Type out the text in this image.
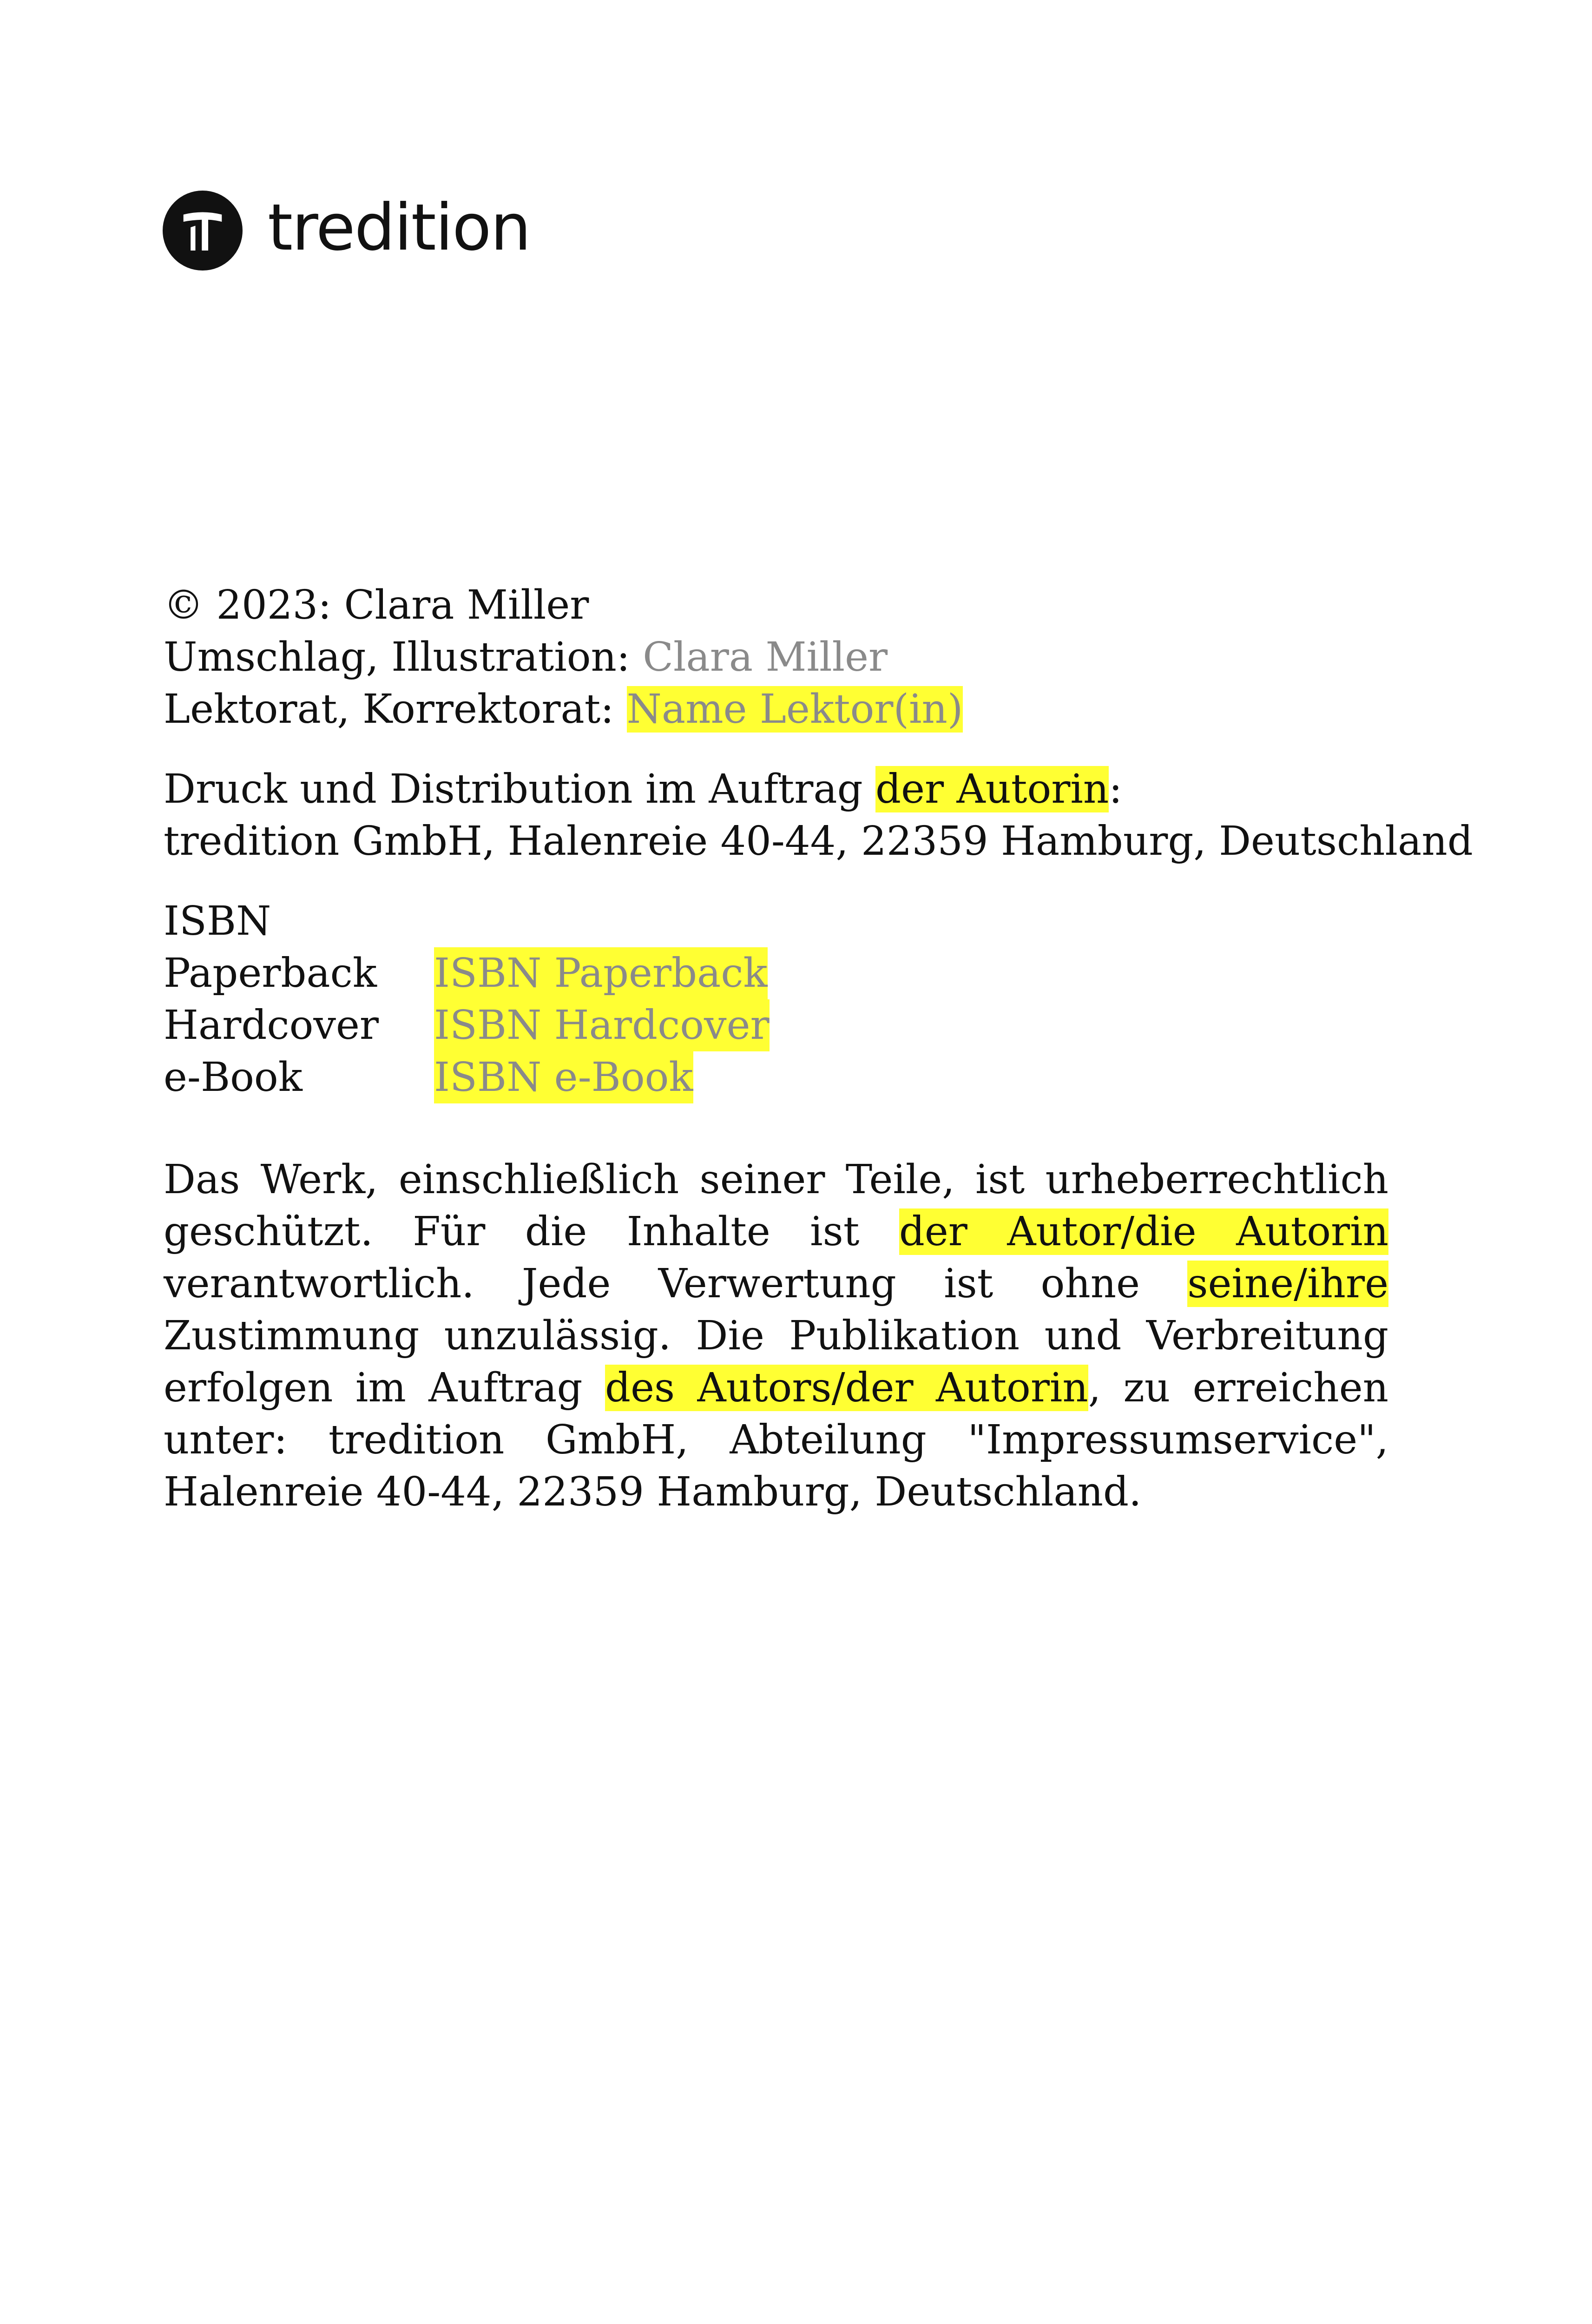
tredition
© 2023: Clara Miller
Umschlag, Illustration: Clara Miller
Lektorat, Korrektorat: Name Lektor(in)
Druck und Distribution im Auftrag der Autorin:
tredition GmbH, Halenreie 40-44, 22359 Hamburg, Deutschland
ISBN
Paperback	ISBN Paperback
Hardcover	ISBN Hardcover
e-Book	ISBN e-Book

Das Werk, einschließlich seiner Teile, ist urheberrechtlich geschützt. Für die Inhalte ist der Autor/die Autorin verantwortlich. Jede Verwertung ist ohne seine/ihre Zustimmung unzulässig. Die Publikation und Verbreitung erfolgen im Auftrag des Autors/der Autorin, zu erreichen unter: tredition GmbH, Abteilung "Impressumservice", Halenreie 40-44, 22359 Hamburg, Deutschland.
